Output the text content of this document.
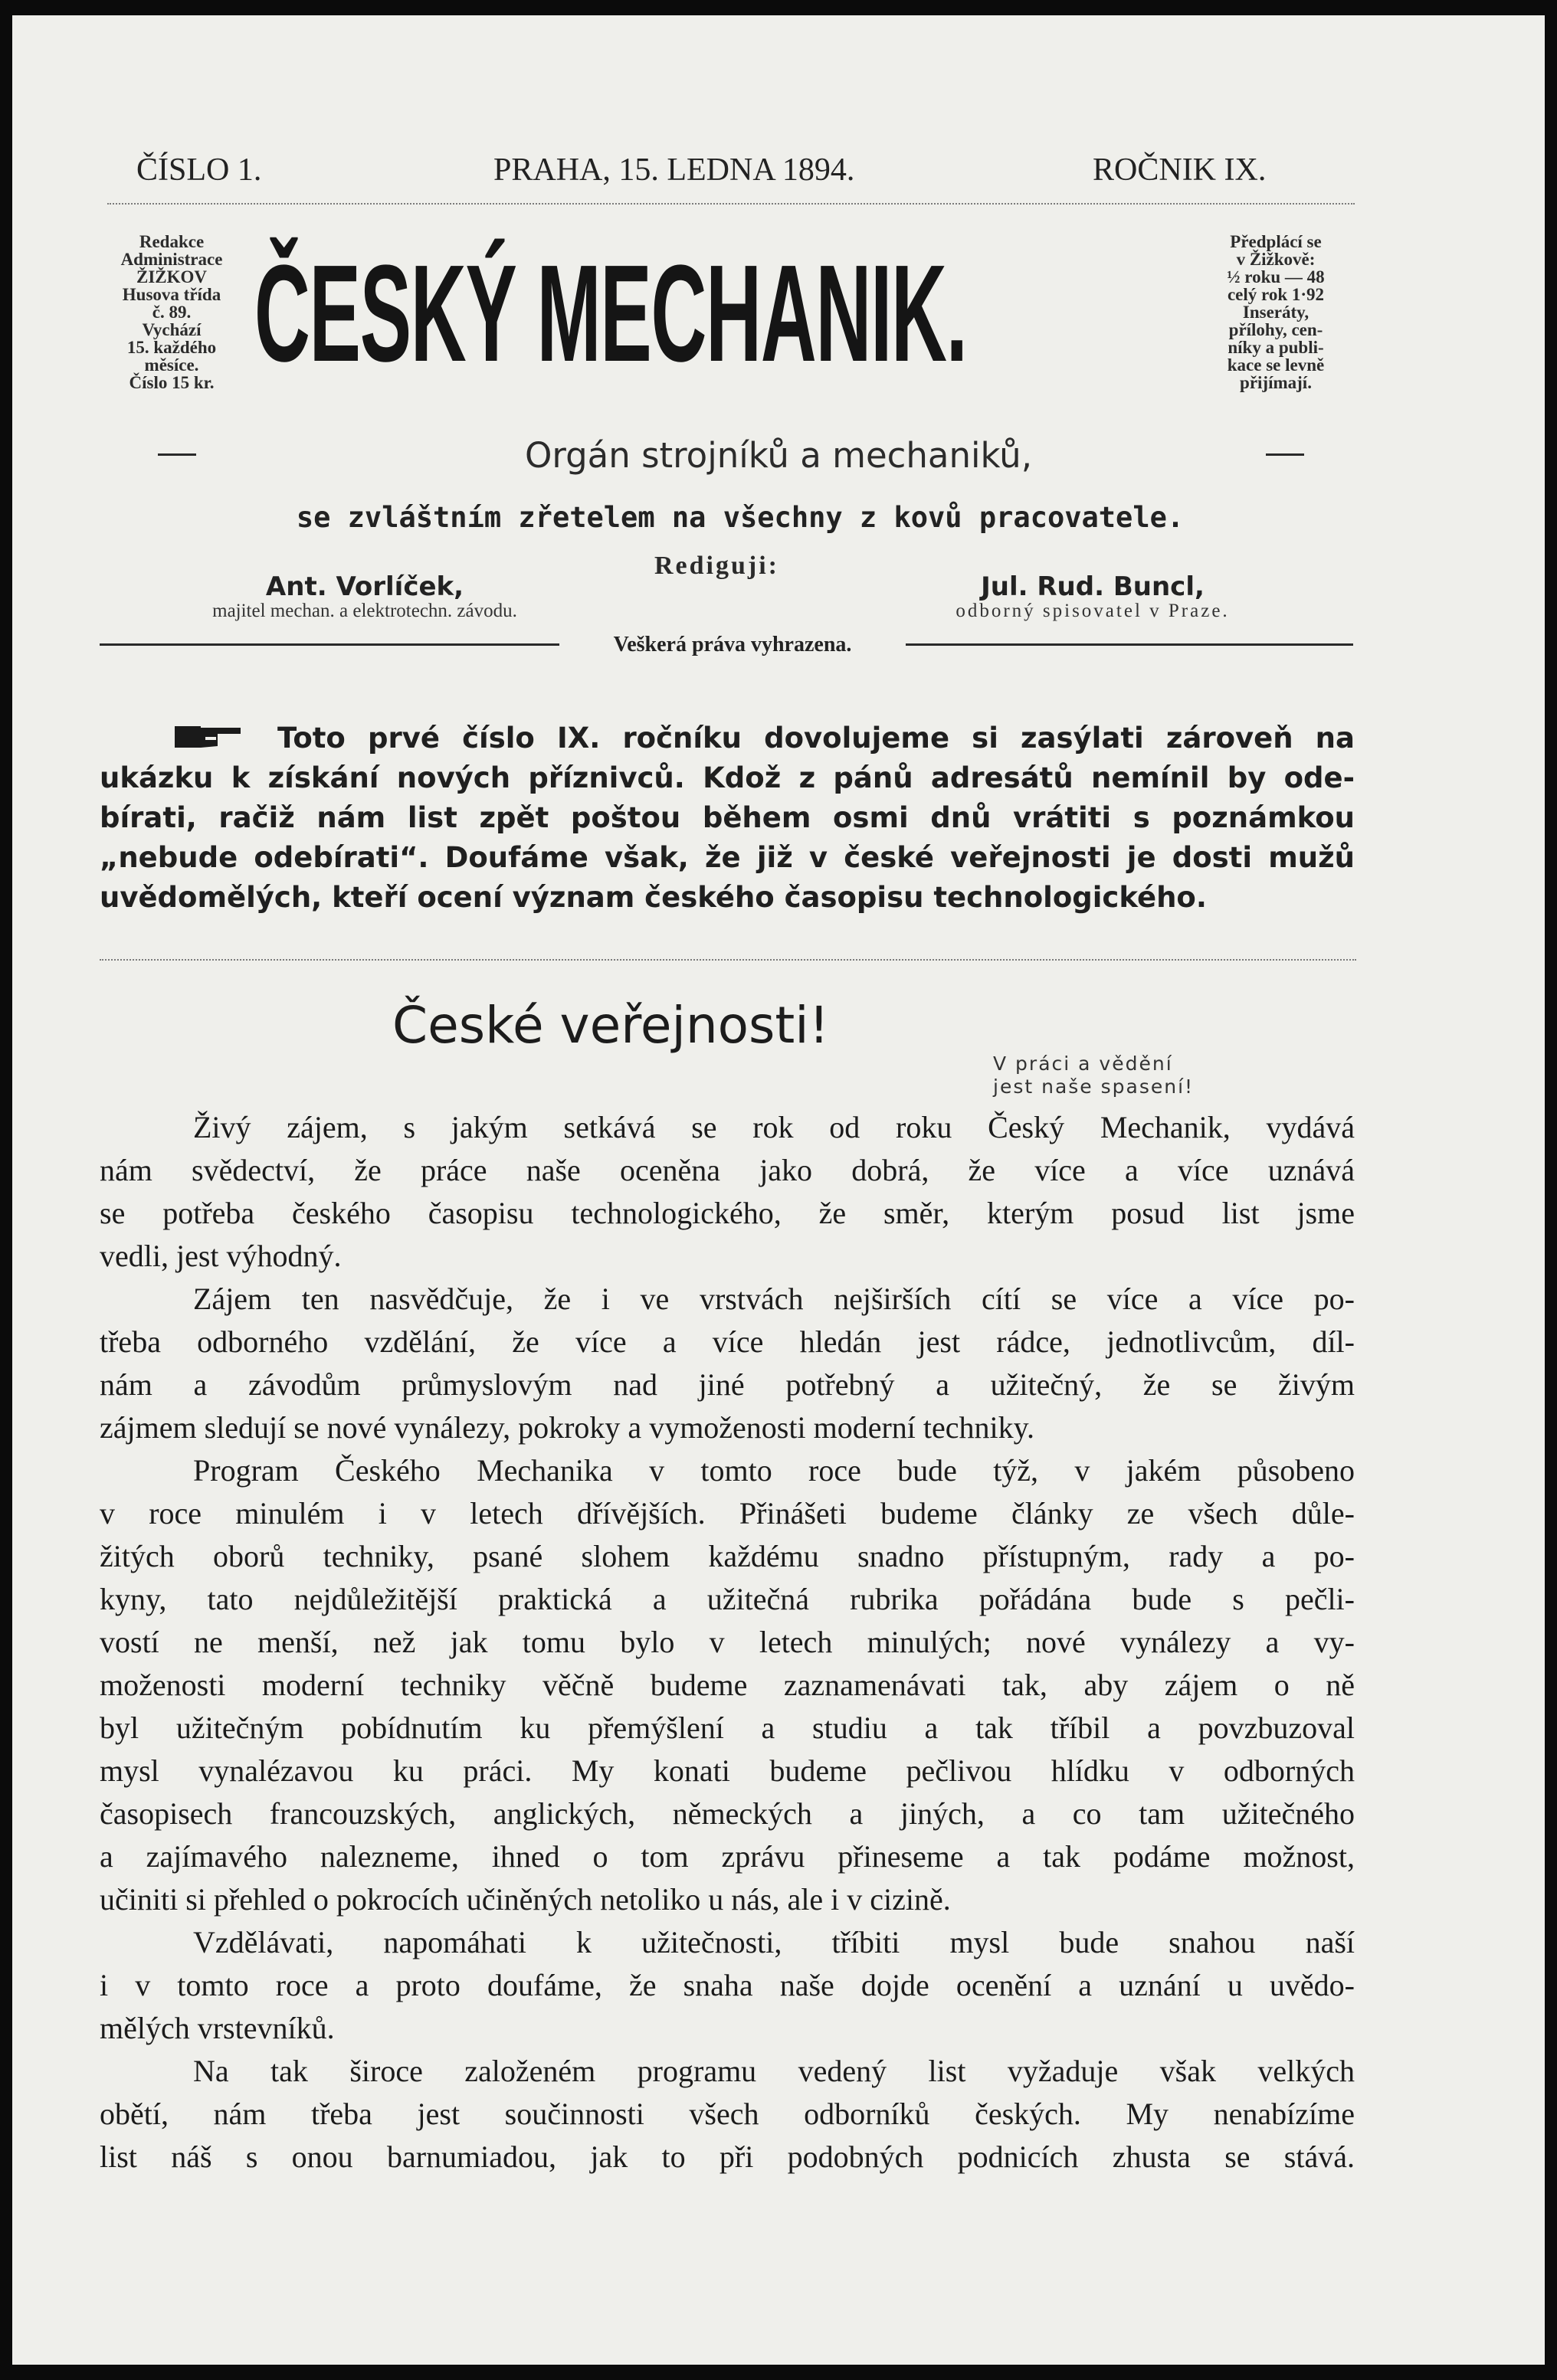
ČÍSLO 1.	PRAHA, 15. LEDNA 1894.	ROČNIK IX.
Redakce
Administrace
ŽIŽKOV
Husova třída
č. 89.
Vychází
15. každého
měsíce.
Číslo 15 kr. ČESKÝ MECHANIK.	Předplácí se
v Žižkově:
½ roku — 48
celý rok 1·92
Inseráty,
přílohy, cen-
níky a publi-
kace se levně
přijímají.
Orgán strojníků a mechaniků,
se zvláštním zřetelem na všechny z kovů pracovatele.
Rediguji:
Ant. Vorlíček,
majitel mechan. a elektrotechn. závodu.
Jul. Rud. Buncl,
odborný spisovatel v Praze.
Veškerá práva vyhrazena.
Toto prvé číslo IX. ročníku dovolujeme si zasýlati zároveň na
ukázku k získání nových příznivců. Kdož z pánů adresátů nemínil by ode-
bírati, račiž nám list zpět poštou během osmi dnů vrátiti s poznámkou
„nebude odebírati“. Doufáme však, že již v české veřejnosti je dosti mužů
uvědomělých, kteří ocení význam českého časopisu technologického.
České veřejnosti!
V práci a vědění
jest naše spasení!
Živý zájem, s jakým setkává se rok od roku Český Mechanik, vydává
nám svědectví, že práce naše oceněna jako dobrá, že více a více uznává
se potřeba českého časopisu technologického, že směr, kterým posud list jsme
vedli, jest výhodný.
Zájem ten nasvědčuje, že i ve vrstvách nejširších cítí se více a více po-
třeba odborného vzdělání, že více a více hledán jest rádce, jednotlivcům, díl-
nám a závodům průmyslovým nad jiné potřebný a užitečný, že se živým
zájmem sledují se nové vynálezy, pokroky a vymoženosti moderní techniky.
Program Českého Mechanika v tomto roce bude týž, v jakém působeno
v roce minulém i v letech dřívějších. Přinášeti budeme články ze všech důle-
žitých oborů techniky, psané slohem každému snadno přístupným, rady a po-
kyny, tato nejdůležitější praktická a užitečná rubrika pořádána bude s pečli-
vostí ne menší, než jak tomu bylo v letech minulých; nové vynálezy a vy-
moženosti moderní techniky věčně budeme zaznamenávati tak, aby zájem o ně
byl užitečným pobídnutím ku přemýšlení a studiu a tak tříbil a povzbuzoval
mysl vynalézavou ku práci. My konati budeme pečlivou hlídku v odborných
časopisech francouzských, anglických, německých a jiných, a co tam užitečného
a zajímavého nalezneme, ihned o tom zprávu přineseme a tak podáme možnost,
učiniti si přehled o pokrocích učiněných netoliko u nás, ale i v cizině.
Vzdělávati, napomáhati k užitečnosti, tříbiti mysl bude snahou naší
i v tomto roce a proto doufáme, že snaha naše dojde ocenění a uznání u uvědo-
mělých vrstevníků.
Na tak široce založeném programu vedený list vyžaduje však velkých
obětí, nám třeba jest součinnosti všech odborníků českých. My nenabízíme
list náš s onou barnumiadou, jak to při podobných podnicích zhusta se stává.
